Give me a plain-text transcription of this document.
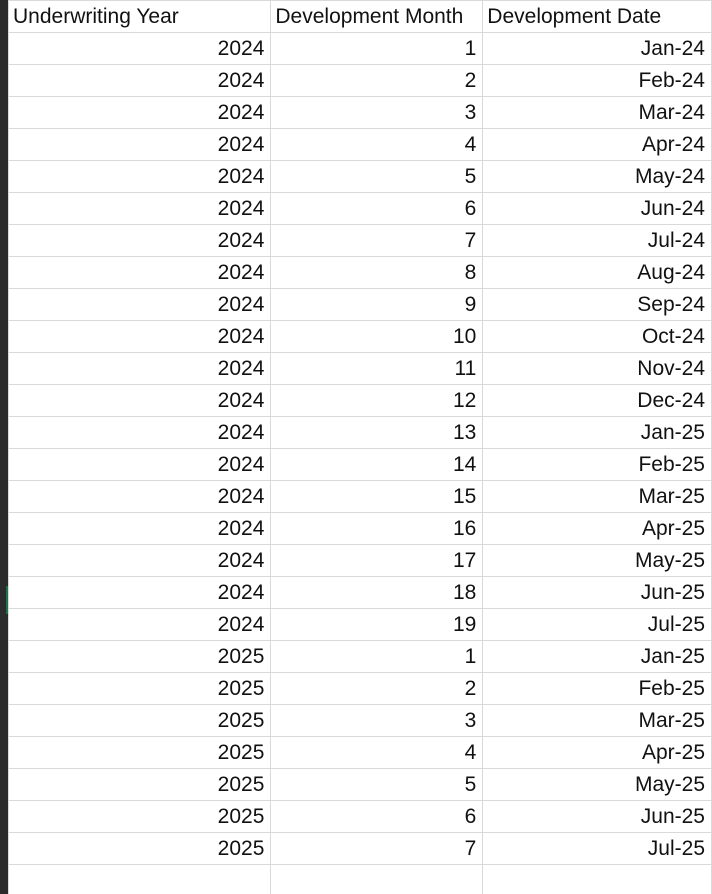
Underwriting Year	Development Month	Development Date
2024	1	Jan-24
2024	2	Feb-24
2024	3	Mar-24
2024	4	Apr-24
2024	5	May-24
2024	6	Jun-24
2024	7	Jul-24
2024	8	Aug-24
2024	9	Sep-24
2024	10	Oct-24
2024	11	Nov-24
2024	12	Dec-24
2024	13	Jan-25
2024	14	Feb-25
2024	15	Mar-25
2024	16	Apr-25
2024	17	May-25
2024	18	Jun-25
2024	19	Jul-25
2025	1	Jan-25
2025	2	Feb-25
2025	3	Mar-25
2025	4	Apr-25
2025	5	May-25
2025	6	Jun-25
2025	7	Jul-25
